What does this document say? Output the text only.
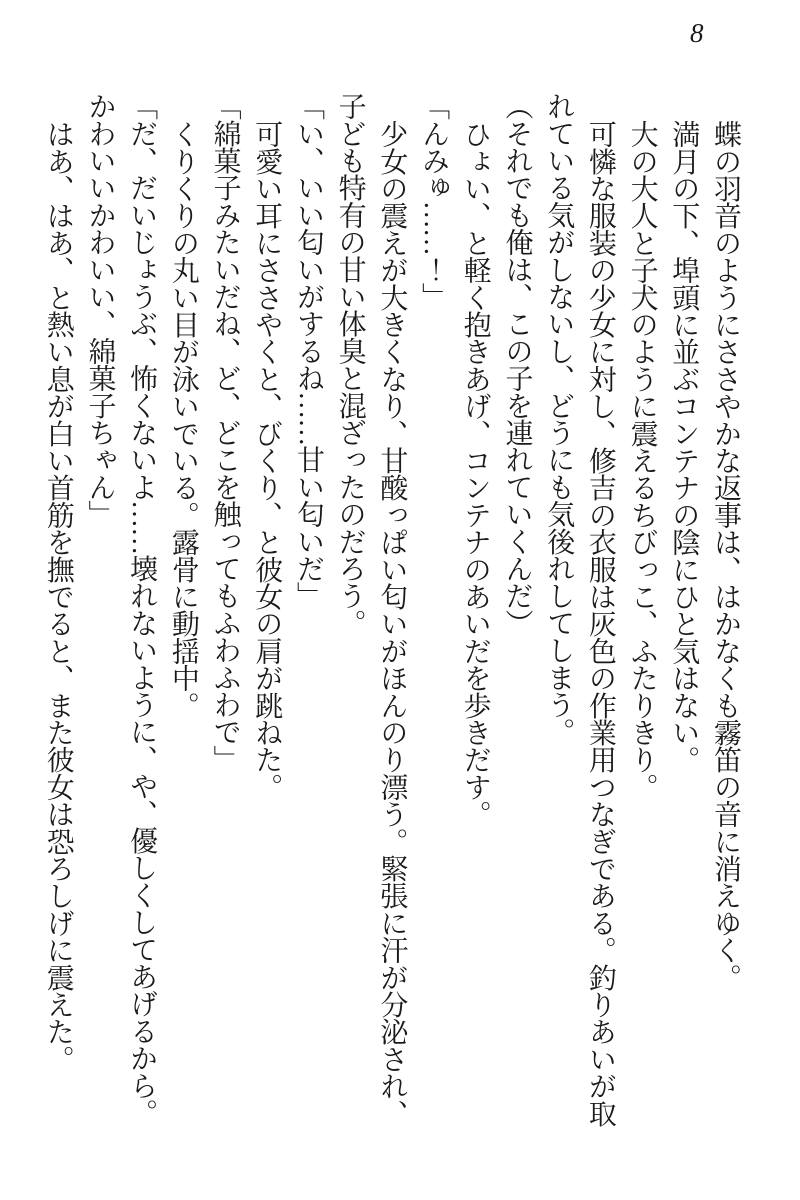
8

蝶の羽音のようにささやかな返事は、はかなくも霧笛の音に消えゆく。

満月の下、埠頭に並ぶコンテナの陰にひと気はない。

大の大人と子犬のように震えるちびっこ、ふたりきり。

可憐な服装の少女に対し、修吉の衣服は灰色の作業用つなぎである。釣りあいが取れている気がしないし、どうにも気後れしてしまう。

（それでも俺は、この子を連れていくんだ）

ひょい、と軽く抱きあげ、コンテナのあいだを歩きだす。

「んみゅ……！」

少女の震えが大きくなり、甘酸っぱい匂いがほんのり漂う。緊張に汗が分泌され、子ども特有の甘い体臭と混ざったのだろう。

「い、いい匂いがするね……甘い匂いだ」

可愛い耳にささやくと、びくり、と彼女の肩が跳ねた。

「綿菓子みたいだね、ど、どこを触ってもふわふわで」

くりくりの丸い目が泳いでいる。露骨に動揺中。

「だ、だいじょうぶ、怖くないよ……壊れないように、や、優しくしてあげるから。かわいいかわいい、綿菓子ちゃん」

はあ、はあ、と熱い息が白い首筋を撫でると、また彼女は恐ろしげに震えた。
